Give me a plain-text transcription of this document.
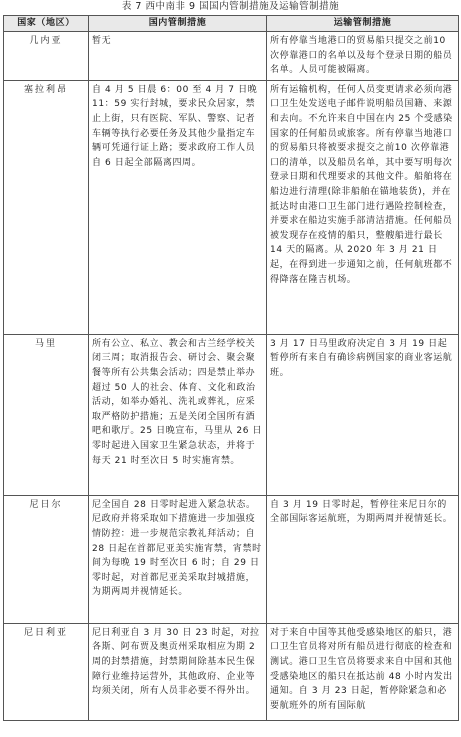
表 7 西中南非 9 国国内管制措施及运输管制措施
国家（地区）	国内管制措施	运输管制措施
几内亚	暂无	所有停靠当地港口的贸易船只提交之前10 次停靠港口的名单以及每个登录日期的船员名单。人员可能被隔离。
塞拉利昂	自 4 月 5 日晨 6：00 至 4 月 7 日晚 11：59 实行封城，要求民众居家，禁止上街，只有医院、军队、警察、记者车辆等执行必要任务及其他少量指定车辆可凭通行证上路；要求政府工作人员自 6 日起全部隔离四周。	所有运输机构，任何人员变更请求必须向港口卫生处发送电子邮件说明船员国籍、来源和去向。不允许来自中国在内 25 个受感染国家的任何船员或旅客。所有停靠当地港口的贸易船只将被要求提交之前10 次停靠港口的清单，以及船员名单，其中要写明每次登录日期和代理要求的其他文件。船舶将在船边进行清理(除非船舶在锚地装货)，并在抵达时由港口卫生部门进行遇险控制检查，并要求在船边实施手部清洁措施。任何船员被发现存在疫情的船只，整艘船进行最长 14 天的隔离。从 2020 年 3 月 21 日起，在得到进一步通知之前，任何航班都不得降落在隆吉机场。
马里	所有公立、私立、教会和古兰经学校关闭三周；取消报告会、研讨会、聚会聚餐等所有公共集会活动；四是禁止举办超过 50 人的社会、体育、文化和政治活动，如举办婚礼、洗礼或葬礼，应采取严格防护措施；五是关闭全国所有酒吧和歌厅。25 日晚宣布，马里从 26 日零时起进入国家卫生紧急状态，并将于每天 21 时至次日 5 时实施宵禁。	3 月 17 日马里政府决定自 3 月 19 日起暂停所有来自有确诊病例国家的商业客运航班。
尼日尔	尼全国自 28 日零时起进入紧急状态。尼政府并将采取如下措施进一步加强疫情防控：进一步规范宗教礼拜活动；自 28 日起在首都尼亚美实施宵禁，宵禁时间为每晚 19 时至次日 6 时；自 29 日零时起，对首都尼亚美采取封城措施，为期两周并视情延长。	自 3 月 19 日零时起，暂停往来尼日尔的全部国际客运航班，为期两周并视情延长。
尼日利亚	尼日利亚自 3 月 30 日 23 时起，对拉各斯、阿布贾及奥贡州采取相应为期 2 周的封禁措施，封禁期间除基本民生保障行业维持运营外，其他政府、企业等均须关闭，所有人员非必要不得外出。	对于来自中国等其他受感染地区的船只，港口卫生官员将对所有船员进行彻底的检查和测试。港口卫生官员将要求来自中国和其他受感染地区的船只在抵达前 48 小时内发出通知。自 3 月 23 日起，暂停除紧急和必要航班外的所有国际航
